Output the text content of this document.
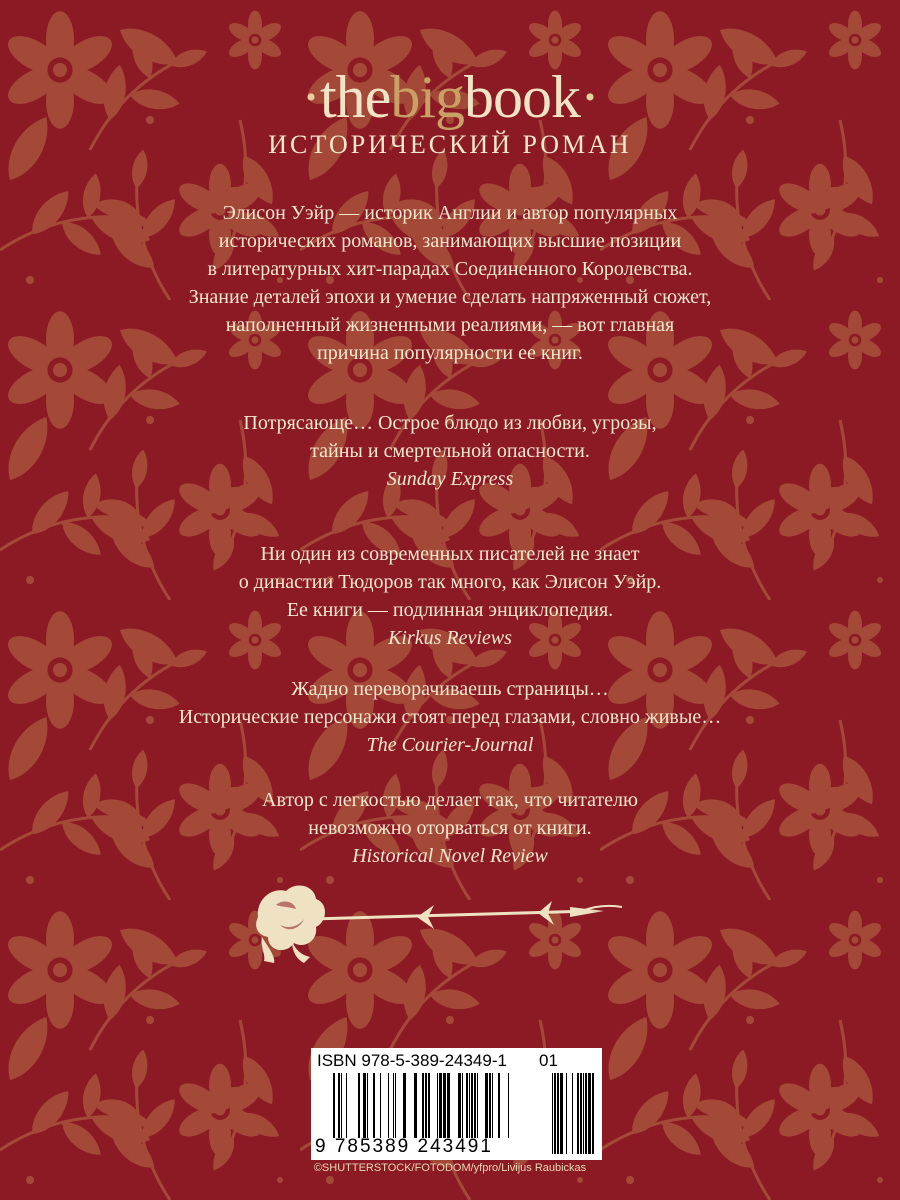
·thebigbook·
ИСТОРИЧЕСКИЙ РОМАН
Элисон Уэйр — историк Англии и автор популярных
исторических романов, занимающих высшие позиции
в литературных хит-парадах Соединенного Королевства.
Знание деталей эпохи и умение сделать напряженный сюжет,
наполненный жизненными реалиями, — вот главная
причина популярности ее книг.
Потрясающе… Острое блюдо из любви, угрозы,
тайны и смертельной опасности.
Sunday Express
Ни один из современных писателей не знает
о династии Тюдоров так много, как Элисон Уэйр.
Ее книги — подлинная энциклопедия.
Kirkus Reviews
Жадно переворачиваешь страницы…
Исторические персонажи стоят перед глазами, словно живые…
The Courier-Journal
Автор с легкостью делает так, что читателю
невозможно оторваться от книги.
Historical Novel Review
ISBN 978-5-389-24349-1 01
9 785389 243491
©SHUTTERSTOCK/FOTODOM/yfpro/Livijus Raubickas
